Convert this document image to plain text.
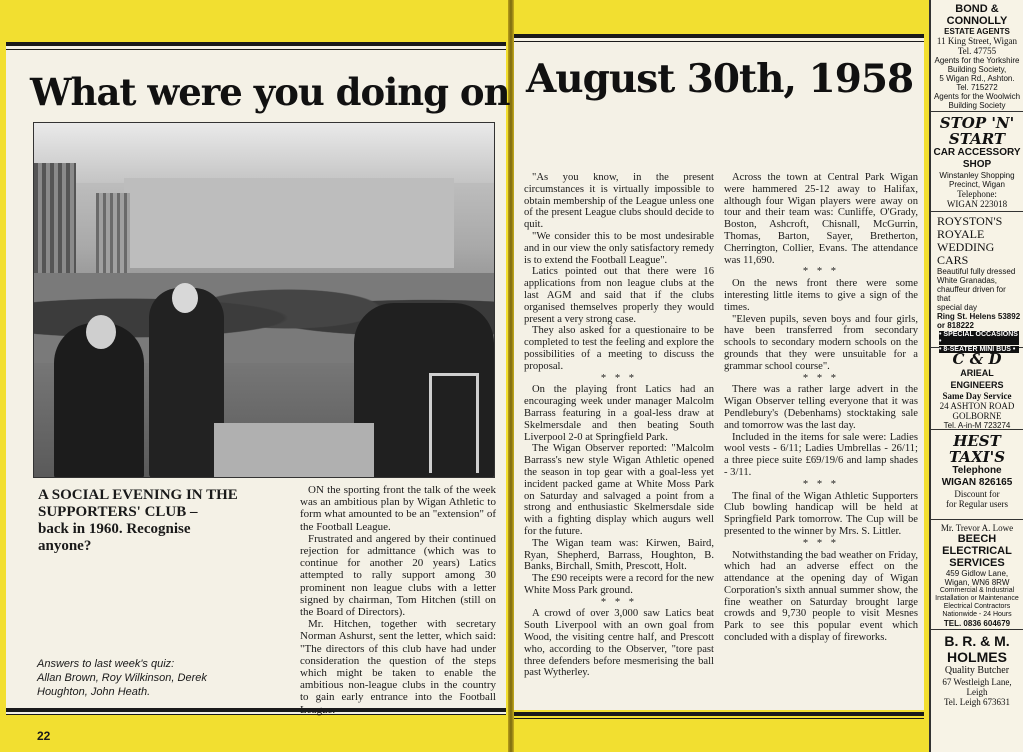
What were you doing on August 30th, 1958
A SOCIAL EVENING IN THE
SUPPORTERS' CLUB –
back in 1960. Recognise
anyone?
Answers to last week's quiz:
Allan Brown, Roy Wilkinson, Derek
Houghton, John Heath.

ON the sporting front the talk of the week was an ambitious plan by Wigan Athletic to form what amounted to be an "extension" of the Football League.

Frustrated and angered by their continued rejection for admittance (which was to continue for another 20 years) Latics attempted to rally support among 30 prominent non league clubs with a letter signed by chairman, Tom Hitchen (still on the Board of Directors).

Mr. Hitchen, together with secretary Norman Ashurst, sent the letter, which said: "The directors of this club have had under consideration the question of the steps which might be taken to enable the ambitious non-league clubs in the country to gain early entrance into the Football League.

22

"As you know, in the present circumstances it is virtually impossible to obtain membership of the League unless one of the present League clubs should decide to quit.

"We consider this to be most undesirable and in our view the only satisfactory remedy is to extend the Football League".

Latics pointed out that there were 16 applications from non league clubs at the last AGM and said that if the clubs organised themselves properly they would present a very strong case.

They also asked for a questionaire to be completed to test the feeling and explore the possibilities of a meeting to discuss the proposal.

* * *

On the playing front Latics had an encouraging week under manager Malcolm Barrass featuring in a goal-less draw at Skelmersdale and then beating South Liverpool 2-0 at Springfield Park.

The Wigan Observer reported: "Malcolm Barrass's new style Wigan Athletic opened the season in top gear with a goal-less yet incident packed game at White Moss Park on Saturday and salvaged a point from a strong and enthusiastic Skelmersdale side with a fighting display which augurs well for the future.

The Wigan team was: Kirwen, Baird, Ryan, Shepherd, Barrass, Houghton, B. Banks, Birchall, Smith, Prescott, Holt.

The £90 receipts were a record for the new White Moss Park ground.

* * *

A crowd of over 3,000 saw Latics beat South Liverpool with an own goal from Wood, the visiting centre half, and Prescott who, according to the Observer, "tore past three defenders before mesmerising the ball past Wytherley.

Across the town at Central Park Wigan were hammered 25-12 away to Halifax, although four Wigan players were away on tour and their team was: Cunliffe, O'Grady, Boston, Ashcroft, Chisnall, McGurrin, Thomas, Barton, Sayer, Bretherton, Cherrington, Collier, Evans. The attendance was 11,690.

* * *

On the news front there were some interesting little items to give a sign of the times.

"Eleven pupils, seven boys and four girls, have been transferred from secondary schools to secondary modern schools on the grounds that they were unsuitable for a grammar school course".

* * *

There was a rather large advert in the Wigan Observer telling everyone that it was Pendlebury's (Debenhams) stocktaking sale and tomorrow was the last day.

Included in the items for sale were: Ladies wool vests - 6/11; Ladies Umbrellas - 26/11; a three piece suite £69/19/6 and lamp shades - 3/11.

* * *

The final of the Wigan Athletic Supporters Club bowling handicap will be held at Springfield Park tomorrow. The Cup will be presented to the winner by Mrs. S. Littler.

* * *

Notwithstanding the bad weather on Friday, which had an adverse effect on the attendance at the opening day of Wigan Corporation's sixth annual summer show, the fine weather on Saturday brought large crowds and 9,730 people to visit Mesnes Park to see this popular event which concluded with a display of fireworks.

BOND &
CONNOLLY
ESTATE AGENTS
11 King Street, Wigan
Tel. 47755
Agents for the Yorkshire
Building Society,
5 Wigan Rd., Ashton.
Tel. 715272
Agents for the Woolwich
Building Society
STOP 'N'
START
CAR ACCESSORY
SHOP
Winstanley Shopping
Precinct, Wigan
Telephone:
WIGAN 223018
ROYSTON'S
ROYALE
WEDDING
CARS
Beautiful fully dressed
White Granadas,
chauffeur driven for that
special day
Ring St. Helens 53892
or 818222
• SPECIAL OCCASIONS •
• 8-SEATER MINI BUS •
C & D
ARIEAL ENGINEERS
Same Day Service
24 ASHTON ROAD
GOLBORNE
Tel. A-in-M 723274
HEST
TAXI'S
Telephone
WIGAN 826165
Discount for
for Regular users
Mr. Trevor A. Lowe
BEECH
ELECTRICAL
SERVICES
459 Gidlow Lane,
Wigan, WN6 8RW
Commercial & Industrial
Installation or Maintenance
Electrical Contractors
Nationwide - 24 Hours
TEL. 0836 604679
B. R. & M.
HOLMES
Quality Butcher
67 Westleigh Lane,
Leigh
Tel. Leigh 673631
